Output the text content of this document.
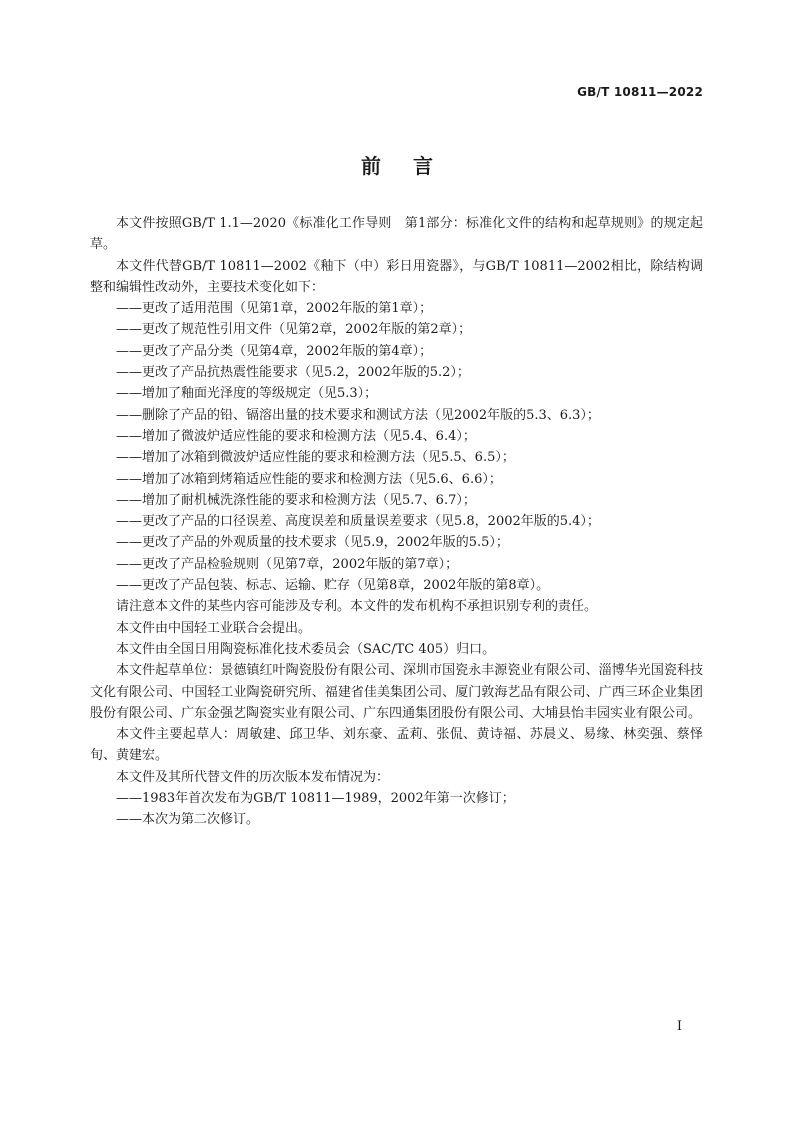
GB/T 10811—2022
前言

本文件按照GB/T 1.1—2020《标准化工作导则　第1部分：标准化文件的结构和起草规则》的规定起草。

本文件代替GB/T 10811—2002《釉下（中）彩日用瓷器》，与GB/T 10811—2002相比，除结构调整和编辑性改动外，主要技术变化如下：

——更改了适用范围（见第1章，2002年版的第1章）；

——更改了规范性引用文件（见第2章，2002年版的第2章）；

——更改了产品分类（见第4章，2002年版的第4章）；

——更改了产品抗热震性能要求（见5.2，2002年版的5.2）；

——增加了釉面光泽度的等级规定（见5.3）；

——删除了产品的铅、镉溶出量的技术要求和测试方法（见2002年版的5.3、6.3）；

——增加了微波炉适应性能的要求和检测方法（见5.4、6.4）；

——增加了冰箱到微波炉适应性能的要求和检测方法（见5.5、6.5）；

——增加了冰箱到烤箱适应性能的要求和检测方法（见5.6、6.6）；

——增加了耐机械洗涤性能的要求和检测方法（见5.7、6.7）；

——更改了产品的口径误差、高度误差和质量误差要求（见5.8，2002年版的5.4）；

——更改了产品的外观质量的技术要求（见5.9，2002年版的5.5）；

——更改了产品检验规则（见第7章，2002年版的第7章）；

——更改了产品包装、标志、运输、贮存（见第8章，2002年版的第8章）。

请注意本文件的某些内容可能涉及专利。本文件的发布机构不承担识别专利的责任。

本文件由中国轻工业联合会提出。

本文件由全国日用陶瓷标准化技术委员会（SAC/TC 405）归口。

本文件起草单位：景德镇红叶陶瓷股份有限公司、深圳市国瓷永丰源瓷业有限公司、淄博华光国瓷科技文化有限公司、中国轻工业陶瓷研究所、福建省佳美集团公司、厦门敦海艺品有限公司、广西三环企业集团股份有限公司、广东金强艺陶瓷实业有限公司、广东四通集团股份有限公司、大埔县怡丰园实业有限公司。

本文件主要起草人：周敏建、邱卫华、刘东豪、孟莉、张侃、黄诗福、苏晨义、易缘、林奕强、蔡怿旬、黄建宏。

本文件及其所代替文件的历次版本发布情况为：

——1983年首次发布为GB/T 10811—1989，2002年第一次修订；

——本次为第二次修订。

I
